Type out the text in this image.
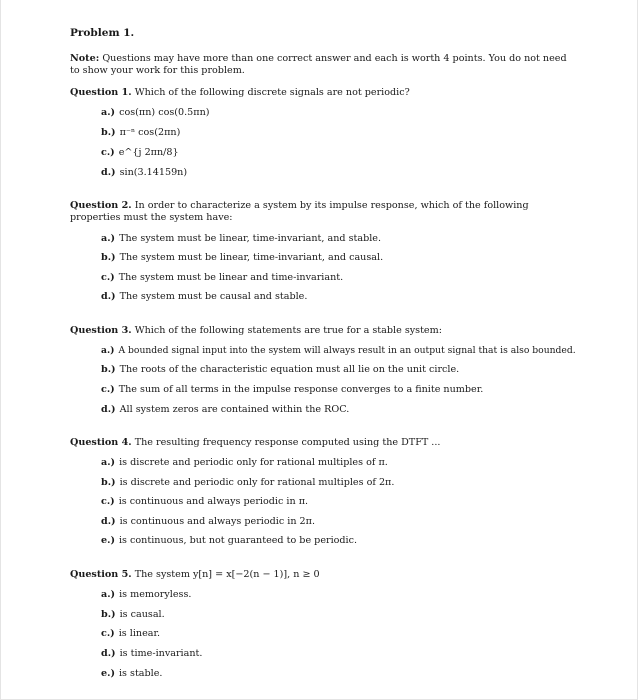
Problem 1.
Note: Questions may have more than one correct answer and each is worth 4 points. You do not need to show your work for this problem.
Question 1. Which of the following discrete signals are not periodic?
a.) cos(πn) cos(0.5πn)
b.) π⁻ⁿ cos(2πn)
c.) e^{j 2πn/8}
d.) sin(3.14159n)
Question 2. In order to characterize a system by its impulse response, which of the following properties must the system have:
a.) The system must be linear, time-invariant, and stable.
b.) The system must be linear, time-invariant, and causal.
c.) The system must be linear and time-invariant.
d.) The system must be causal and stable.
Question 3. Which of the following statements are true for a stable system:
a.) A bounded signal input into the system will always result in an output signal that is also bounded.
b.) The roots of the characteristic equation must all lie on the unit circle.
c.) The sum of all terms in the impulse response converges to a finite number.
d.) All system zeros are contained within the ROC.
Question 4. The resulting frequency response computed using the DTFT ...
a.) is discrete and periodic only for rational multiples of π.
b.) is discrete and periodic only for rational multiples of 2π.
c.) is continuous and always periodic in π.
d.) is continuous and always periodic in 2π.
e.) is continuous, but not guaranteed to be periodic.
Question 5. The system y[n] = x[−2(n − 1)], n ≥ 0
a.) is memoryless.
b.) is causal.
c.) is linear.
d.) is time-invariant.
e.) is stable.
